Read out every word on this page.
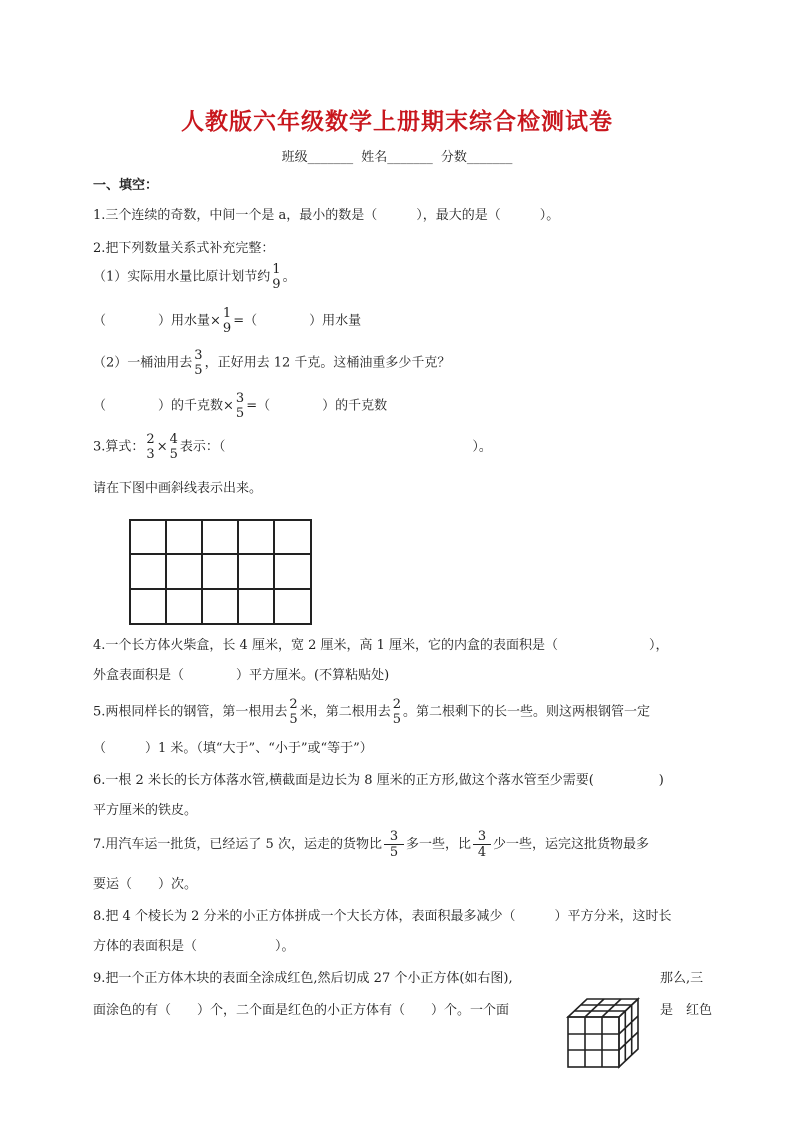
人教版六年级数学上册期末综合检测试卷
班级_______ 姓名_______ 分数_______
一、填空：
1.三个连续的奇数，中间一个是 a，最小的数是（　　　），最大的是（　　　）。
2.把下列数量关系式补充完整：
（1）实际用水量比原计划节约 1
9 。
（　　　　）用水量× 1
9 =（　　　　）用水量
（2）一桶油用去 3
5 ，正好用去 12 千克。这桶油重多少千克？
（　　　　）的千克数× 3
5 =（　　　　）的千克数
3.算式： 2
3 × 4
5 表示：（　　　　　　　　　　　　　　　　　　　）。
请在下图中画斜线表示出来。
4.一个长方体火柴盒，长 4 厘米，宽 2 厘米，高 1 厘米，它的内盒的表面积是（　　　　　　　），
外盒表面积是（　　　　）平方厘米。(不算粘贴处)
5.两根同样长的钢管，第一根用去 2
5 米，第二根用去 2
5 。第二根剩下的长一些。则这两根钢管一定
（　　　）1 米。（填“大于”、“小于”或“等于”）
6.一根 2 米长的长方体落水管,横截面是边长为 8 厘米的正方形,做这个落水管至少需要(　　　　　)
平方厘米的铁皮。
7.用汽车运一批货，已经运了 5 次，运走的货物比 $\frac{3}{5}$ 多一些，比 $\frac{3}{4}$ 少一些，运完这批货物最多
要运（　　）次。
8.把 4 个棱长为 2 分米的小正方体拼成一个大长方体，表面积最多减少（　　　）平方分米，这时长
方体的表面积是（　　　　　　）。
9.把一个正方体木块的表面全涂成红色,然后切成 27 个小正方体(如右图),	那么,三
面涂色的有（　　）个，二个面是红色的小正方体有（　　）个。一个面	是　红色
